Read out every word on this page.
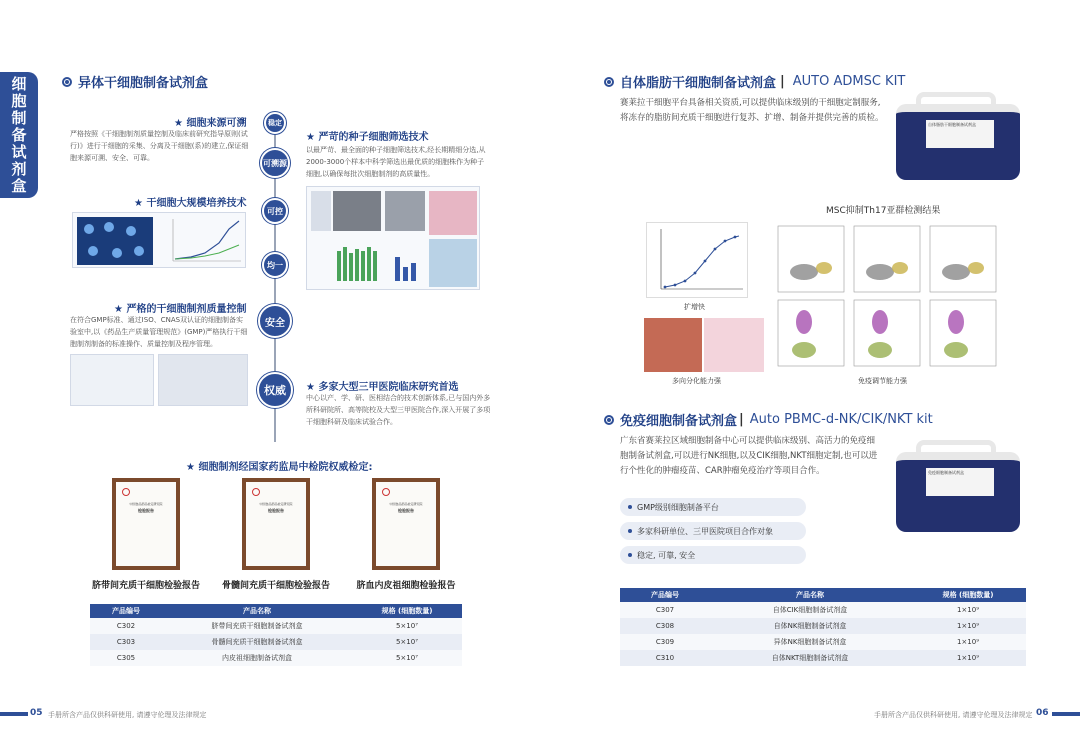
细胞制备试剂盒	异体干细胞制备试剂盒
稳定
可溯源
可控
均一
安全
权威
★ 细胞来源可溯
严格按照《干细胞制剂质量控制及临床前研究指导原则(试行)》进行干细胞的采集、分离及干细胞(系)的建立,保证细胞来源可溯、安全、可靠。
★ 严苛的种子细胞筛选技术
以最严苛、最全面的种子细胞筛选技术,经长期精细分选,从2000-3000个样本中科学筛选出最优质的细胞株作为种子细胞,以确保每批次细胞制剂的高质量性。
★ 干细胞大规模培养技术
★ 严格的干细胞制剂质量控制
在符合GMP标准、通过ISO、CNAS双认证的细胞制备实验室中,以《药品生产质量管理规范》(GMP)严格执行干细胞制剂制备的标准操作、质量控制及程序管理。
★ 多家大型三甲医院临床研究首选
中心以产、学、研、医相结合的技术创新体系,已与国内外多所科研院所、高等院校及大型三甲医院合作,深入开展了多项干细胞科研及临床试验合作。
★ 细胞制剂经国家药监局中检院权威检定:
中国食品药品检定研究院
检验报告
中国食品药品检定研究院
检验报告
中国食品药品检定研究院
检验报告
脐带间充质干细胞检验报告	骨髓间充质干细胞检验报告	脐血内皮祖细胞检验报告
产品编号	产品名称	规格 (细胞数量)
C302	脐带间充质干细胞制备试剂盒	5×10⁷
C303	骨髓间充质干细胞制备试剂盒	5×10⁷
C305	内皮祖细胞制备试剂盒	5×10⁷
05 手册所含产品仅供科研使用, 请遵守伦理及法律规定
自体脂肪干细胞制备试剂盒 | AUTO ADMSC KIT
赛莱拉干细胞平台具备相关资质,可以提供临床级别的干细胞定制服务,将冻存的脂肪间充质干细胞进行复苏、扩增、制备并提供完善的质检。
自体脂肪干细胞制备试剂盒
MSC抑制Th17亚群检测结果
扩增快
多向分化能力强	免疫调节能力强
免疫细胞制备试剂盒 | Auto PBMC-d-NK/CIK/NKT kit
广东省赛莱拉区域细胞制备中心可以提供临床级别、高活力的免疫细胞制备试剂盒,可以进行NK细胞,以及CIK细胞,NKT细胞定制,也可以进行个性化的肿瘤疫苗、CAR肿瘤免疫治疗等项目合作。
GMP级别细胞制备平台
多家科研单位、三甲医院项目合作对象
稳定, 可靠, 安全
免疫细胞制备试剂盒
产品编号	产品名称	规格 (细胞数量)
C307	自体CIK细胞制备试剂盒	1×10⁹
C308	自体NK细胞制备试剂盒	1×10⁹
C309	异体NK细胞制备试剂盒	1×10⁹
C310	自体NKT细胞制备试剂盒	1×10⁹
手册所含产品仅供科研使用, 请遵守伦理及法律规定 06
